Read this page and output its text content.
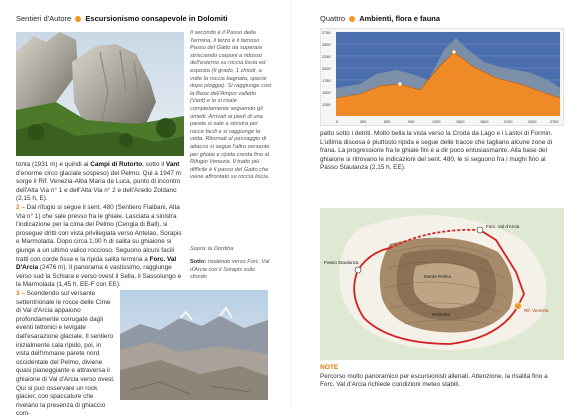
Sentieri d'Autore Escursionismo consapevole in Dolomiti
tonta (1931 m) e quindi ai Campi di Rutorto, sotto il Vant d'enorme circo glaciale sospeso) del Pelmo. Qui a 1947 m sorge il Rif. Venezia-Alba Maria de Luca, punto di incontro dell'Alta Via n° 1 e dell'Alta Via n° 2 e dell'Anello Zoldano (2,15 h, E).
2 – Dal rifugio si segue il sent. 480 (Sentiero Flaibani, Alta Via n° 1) che sale presso fra le ghiaie. Lasciata a sinistra l'indicazione per la cima del Pelmo (Cengia di Ball), si prosegue dritti con vista privilegiata verso Antelao, Sorapis e Marmolada. Dopo circa 1,00 h di salita su ghiaione si giunge a un ultimo valico roccioso. Seguono alcuni facili tratti con corde fisse e la ripida salita termina a Forc. Val D'Arcia (2476 m). Il panorama è vastissimo, raggiunge verso sud la Schiara e verso ovest il Sella, il Sassolungo e la Marmolada (1,45 h, EE-F con EE).
3 – Scendendo sul versante settentrionale le rocce delle Cime di Val d'Arcia appaiono profondamente corrugate dagli eventi tettonici e levigate dall'esarazione glaciale. Il sentiero inizialmente cala ripido, poi, in vista dell'immane parete nord occidentale del Pelmo, diviene quasi pianeggiante e attraversa il ghiaione di Val d'Arcia verso ovest. Qui si può osservare un rock glacier, con spaccature che rivelano la presenza di ghiaccio com-
Il secondo è il Passo della Termina, il terzo è il famoso Passo del Gatto da superare strisciando carponi a ridosso dell'esterno su roccia liscia ed esposta (II grado, 1 chiodi, a volte la roccia bagnata, specie dopo pioggia). Si raggiunge così la Base dell'Ampio valletto (Vant) e lo si risale completamente seguendo gli ometti. Arrivati ai piedi di una parete si sale a sinistra per rocce facili e si raggiunge la vetta. Ritornati al passaggio di attacco si segue l'altro versante per ghiaie e ripida cresta fino al Rifugio Venezia. Il tratto più difficile è il passo del Gatto che viene affrontato su roccia liscia.
Sopra: la Dordina
Sotto: risalendo verso Forc. Val d'Arcia con il Sorapis sullo sfondo
Quattro Ambienti, flora e fauna
2750
2500
2250
2000
1750
1500
1250
0	300	600	900	1200	1500	1800	2100	2400	2700
patto sotto i detriti. Molto bella la vista verso la Croda da Lago e i Lastoi di Formin. L'ultima discesa è piuttosto ripida e segue delle tracce che tagliano alcune zone di frana. La progressione fra le ghiaie fini è a dir poco entusiasmante. Alla base del ghiaione si ritrovano le indicazioni del sent. 480, le si seguono fra i mughi fino al Passo Staulanza (2,15 h, EE).
Forc. Val d'Arcia
Passo Staulanza
Monte Pelmo
Pelmetto
Rif. Venezia
NOTE
Percorso molto panoramico per escursionisti allenati. Attenzione, la risalita fino a Forc. Val d'Arcia richiede condizioni meteo stabili.
